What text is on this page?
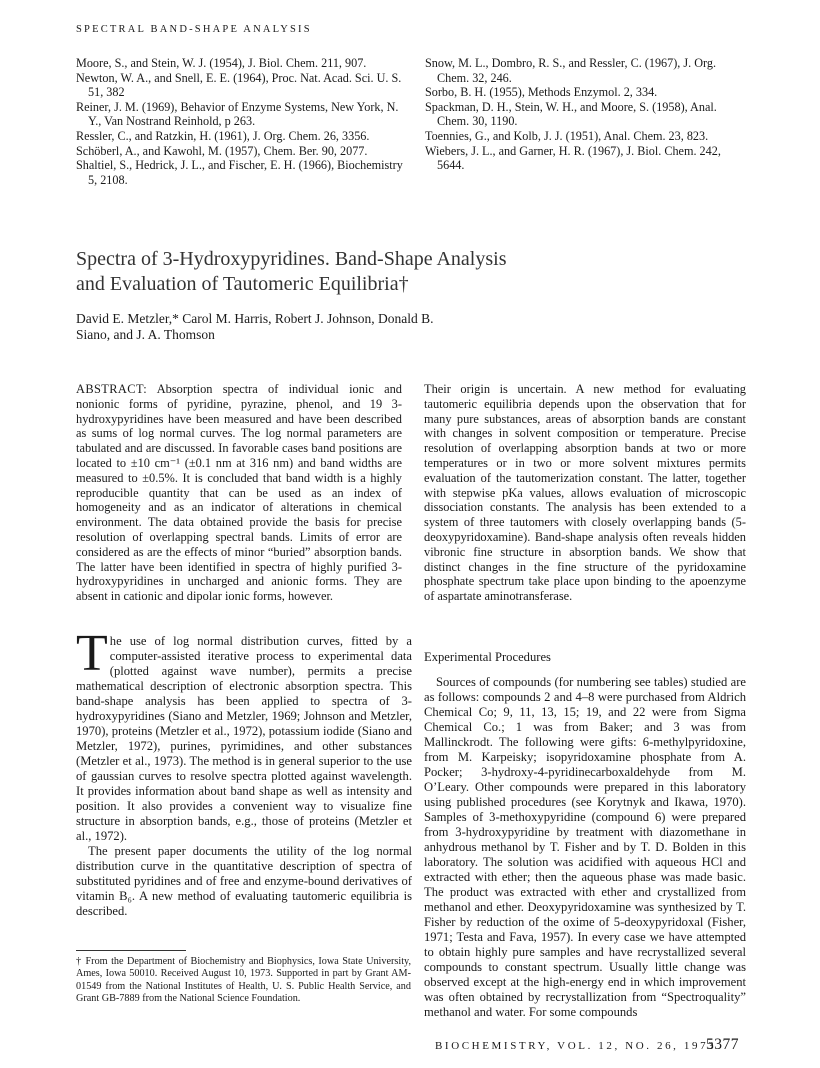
SPECTRAL BAND-SHAPE ANALYSIS

Moore, S., and Stein, W. J. (1954), J. Biol. Chem. 211, 907.

Newton, W. A., and Snell, E. E. (1964), Proc. Nat. Acad. Sci. U. S. 51, 382

Reiner, J. M. (1969), Behavior of Enzyme Systems, New York, N. Y., Van Nostrand Reinhold, p 263.

Ressler, C., and Ratzkin, H. (1961), J. Org. Chem. 26, 3356.

Schöberl, A., and Kawohl, M. (1957), Chem. Ber. 90, 2077.

Shaltiel, S., Hedrick, J. L., and Fischer, E. H. (1966), Biochemistry 5, 2108.

Snow, M. L., Dombro, R. S., and Ressler, C. (1967), J. Org. Chem. 32, 246.

Sorbo, B. H. (1955), Methods Enzymol. 2, 334.

Spackman, D. H., Stein, W. H., and Moore, S. (1958), Anal. Chem. 30, 1190.

Toennies, G., and Kolb, J. J. (1951), Anal. Chem. 23, 823.

Wiebers, J. L., and Garner, H. R. (1967), J. Biol. Chem. 242, 5644.

Spectra of 3-Hydroxypyridines. Band-Shape Analysis
and Evaluation of Tautomeric Equilibria†
David E. Metzler,* Carol M. Harris, Robert J. Johnson, Donald B. Siano, and J. A. Thomson
ABSTRACT: Absorption spectra of individual ionic and nonionic forms of pyridine, pyrazine, phenol, and 19 3-hydroxypyridines have been measured and have been described as sums of log normal curves. The log normal parameters are tabulated and are discussed. In favorable cases band positions are located to ±10 cm⁻¹ (±0.1 nm at 316 nm) and band widths are measured to ±0.5%. It is concluded that band width is a highly reproducible quantity that can be used as an index of homogeneity and as an indicator of alterations in chemical environment. The data obtained provide the basis for precise resolution of overlapping spectral bands. Limits of error are considered as are the effects of minor “buried” absorption bands. The latter have been identified in spectra of highly purified 3-hydroxypyridines in uncharged and anionic forms. They are absent in cationic and dipolar ionic forms, however.
Their origin is uncertain. A new method for evaluating tautomeric equilibria depends upon the observation that for many pure substances, areas of absorption bands are constant with changes in solvent composition or temperature. Precise resolution of overlapping absorption bands at two or more temperatures or in two or more solvent mixtures permits evaluation of the tautomerization constant. The latter, together with stepwise pKa values, allows evaluation of microscopic dissociation constants. The analysis has been extended to a system of three tautomers with closely overlapping bands (5-deoxypyridoxamine). Band-shape analysis often reveals hidden vibronic fine structure in absorption bands. We show that distinct changes in the fine structure of the pyridoxamine phosphate spectrum take place upon binding to the apoenzyme of aspartate aminotransferase.

T he use of log normal distribution curves, fitted by a computer-assisted iterative process to experimental data (plotted against wave number), permits a precise mathematical description of electronic absorption spectra. This band-shape analysis has been applied to spectra of 3-hydroxypyridines (Siano and Metzler, 1969; Johnson and Metzler, 1970), proteins (Metzler et al., 1972), potassium iodide (Siano and Metzler, 1972), purines, pyrimidines, and other substances (Metzler et al., 1973). The method is in general superior to the use of gaussian curves to resolve spectra plotted against wavelength. It provides information about band shape as well as intensity and position. It also provides a convenient way to visualize fine structure in absorption bands, e.g., those of proteins (Metzler et al., 1972).

The present paper documents the utility of the log normal distribution curve in the quantitative description of spectra of substituted pyridines and of free and enzyme-bound derivatives of vitamin B₆. A new method of evaluating tautomeric equilibria is described.

Experimental Procedures

Sources of compounds (for numbering see tables) studied are as follows: compounds 2 and 4–8 were purchased from Aldrich Chemical Co; 9, 11, 13, 15; 19, and 22 were from Sigma Chemical Co.; 1 was from Baker; and 3 was from Mallinckrodt. The following were gifts: 6-methylpyridoxine, from M. Karpeisky; isopyridoxamine phosphate from A. Pocker; 3-hydroxy-4-pyridinecarboxaldehyde from M. O’Leary. Other compounds were prepared in this laboratory using published procedures (see Korytnyk and Ikawa, 1970). Samples of 3-methoxypyridine (compound 6) were prepared from 3-hydroxypyridine by treatment with diazomethane in anhydrous methanol by T. Fisher and by T. D. Bolden in this laboratory. The solution was acidified with aqueous HCl and extracted with ether; then the aqueous phase was made basic. The product was extracted with ether and crystallized from methanol and ether. Deoxypyridoxamine was synthesized by T. Fisher by reduction of the oxime of 5-deoxypyridoxal (Fisher, 1971; Testa and Fava, 1957). In every case we have attempted to obtain highly pure samples and have recrystallized several compounds to constant spectrum. Usually little change was observed except at the high-energy end in which improvement was often obtained by recrystallization from “Spectroquality” methanol and water. For some compounds

† From the Department of Biochemistry and Biophysics, Iowa State University, Ames, Iowa 50010. Received August 10, 1973. Supported in part by Grant AM-01549 from the National Institutes of Health, U. S. Public Health Service, and Grant GB-7889 from the National Science Foundation.
BIOCHEMISTRY, VOL. 12, NO. 26, 1973
5377
